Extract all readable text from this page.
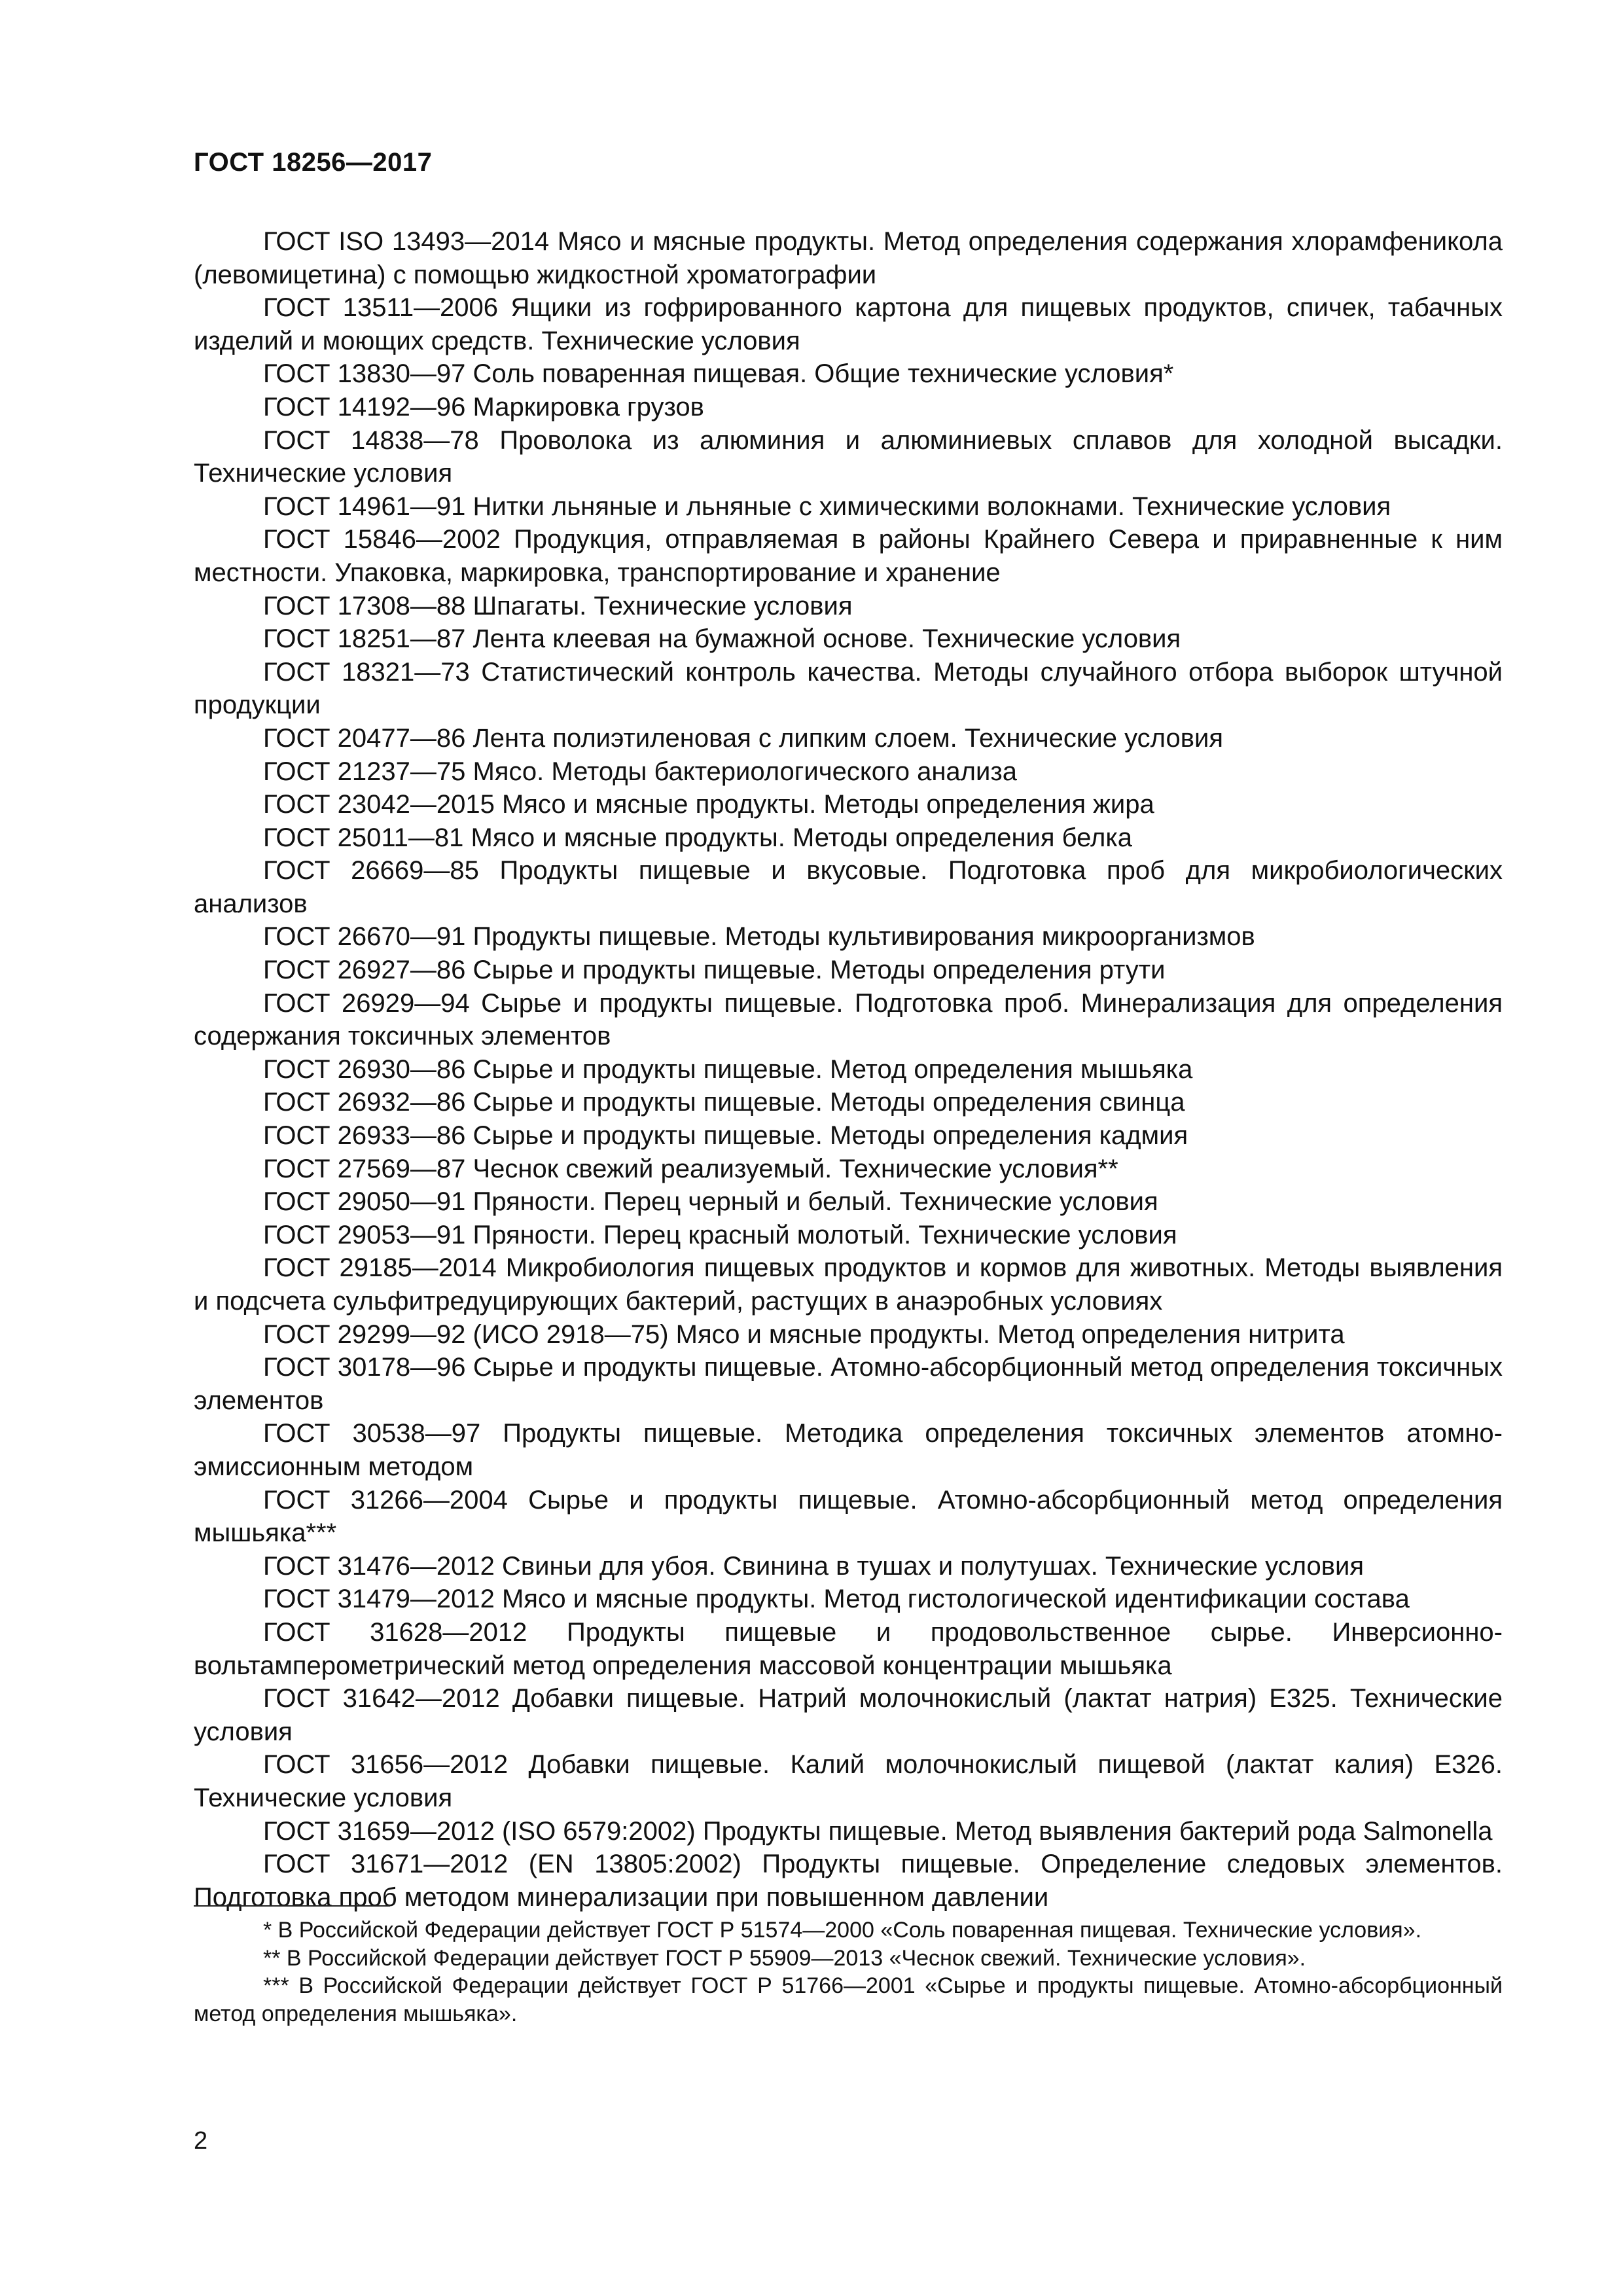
ГОСТ 18256—2017

ГОСТ ISO 13493—2014 Мясо и мясные продукты. Метод определения содержания хлорамфеникола (левомицетина) с помощью жидкостной хроматографии

ГОСТ 13511—2006 Ящики из гофрированного картона для пищевых продуктов, спичек, табачных изделий и моющих средств. Технические условия

ГОСТ 13830—97 Соль поваренная пищевая. Общие технические условия*

ГОСТ 14192—96 Маркировка грузов

ГОСТ 14838—78 Проволока из алюминия и алюминиевых сплавов для холодной высадки. Технические условия

ГОСТ 14961—91 Нитки льняные и льняные с химическими волокнами. Технические условия

ГОСТ 15846—2002 Продукция, отправляемая в районы Крайнего Севера и приравненные к ним местности. Упаковка, маркировка, транспортирование и хранение

ГОСТ 17308—88 Шпагаты. Технические условия

ГОСТ 18251—87 Лента клеевая на бумажной основе. Технические условия

ГОСТ 18321—73 Статистический контроль качества. Методы случайного отбора выборок штучной продукции

ГОСТ 20477—86 Лента полиэтиленовая с липким слоем. Технические условия

ГОСТ 21237—75 Мясо. Методы бактериологического анализа

ГОСТ 23042—2015 Мясо и мясные продукты. Методы определения жира

ГОСТ 25011—81 Мясо и мясные продукты. Методы определения белка

ГОСТ 26669—85 Продукты пищевые и вкусовые. Подготовка проб для микробиологических анализов

ГОСТ 26670—91 Продукты пищевые. Методы культивирования микроорганизмов

ГОСТ 26927—86 Сырье и продукты пищевые. Методы определения ртути

ГОСТ 26929—94 Сырье и продукты пищевые. Подготовка проб. Минерализация для определения содержания токсичных элементов

ГОСТ 26930—86 Сырье и продукты пищевые. Метод определения мышьяка

ГОСТ 26932—86 Сырье и продукты пищевые. Методы определения свинца

ГОСТ 26933—86 Сырье и продукты пищевые. Методы определения кадмия

ГОСТ 27569—87 Чеснок свежий реализуемый. Технические условия**

ГОСТ 29050—91 Пряности. Перец черный и белый. Технические условия

ГОСТ 29053—91 Пряности. Перец красный молотый. Технические условия

ГОСТ 29185—2014 Микробиология пищевых продуктов и кормов для животных. Методы выявления и подсчета сульфитредуцирующих бактерий, растущих в анаэробных условиях

ГОСТ 29299—92 (ИСО 2918—75) Мясо и мясные продукты. Метод определения нитрита

ГОСТ 30178—96 Сырье и продукты пищевые. Атомно-абсорбционный метод определения токсичных элементов

ГОСТ 30538—97 Продукты пищевые. Методика определения токсичных элементов атомно-эмиссионным методом

ГОСТ 31266—2004 Сырье и продукты пищевые. Атомно-абсорбционный метод определения мышьяка***

ГОСТ 31476—2012 Свиньи для убоя. Свинина в тушах и полутушах. Технические условия

ГОСТ 31479—2012 Мясо и мясные продукты. Метод гистологической идентификации состава

ГОСТ 31628—2012 Продукты пищевые и продовольственное сырье. Инверсионно-вольтамперометрический метод определения массовой концентрации мышьяка

ГОСТ 31642—2012 Добавки пищевые. Натрий молочнокислый (лактат натрия) Е325. Технические условия

ГОСТ 31656—2012 Добавки пищевые. Калий молочнокислый пищевой (лактат калия) Е326. Технические условия

ГОСТ 31659—2012 (ISO 6579:2002) Продукты пищевые. Метод выявления бактерий рода Salmonella

ГОСТ 31671—2012 (EN 13805:2002) Продукты пищевые. Определение следовых элементов. Подготовка проб методом минерализации при повышенном давлении

* В Российской Федерации действует ГОСТ Р 51574—2000 «Соль поваренная пищевая. Технические условия».

** В Российской Федерации действует ГОСТ Р 55909—2013 «Чеснок свежий. Технические условия».

*** В Российской Федерации действует ГОСТ Р 51766—2001 «Сырье и продукты пищевые. Атомно-абсорбционный метод определения мышьяка».

2
